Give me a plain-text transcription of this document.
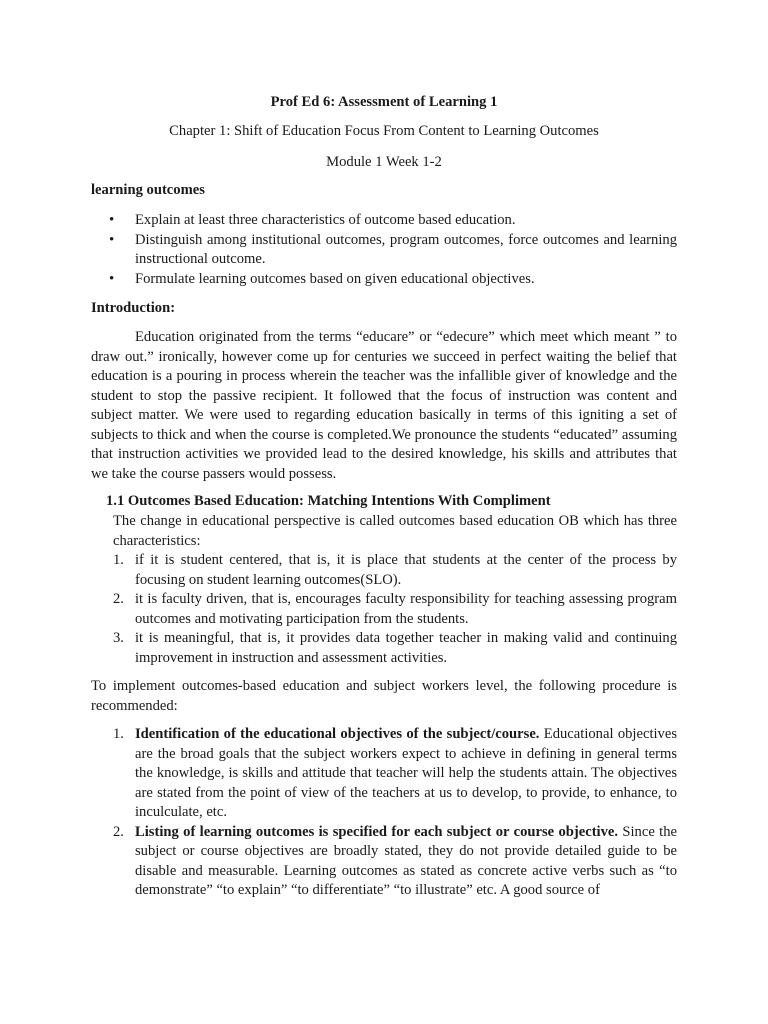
Prof Ed 6: Assessment of Learning 1
Chapter 1: Shift of Education Focus From Content to Learning Outcomes
Module 1 Week 1-2
learning outcomes
• Explain at least three characteristics of outcome based education.
• Distinguish among institutional outcomes, program outcomes, force outcomes and learning instructional outcome.
• Formulate learning outcomes based on given educational objectives.
Introduction:

Education originated from the terms “educare” or “edecure” which meet which meant ” to draw out.” ironically, however come up for centuries we succeed in perfect waiting the belief that education is a pouring in process wherein the teacher was the infallible giver of knowledge and the student to stop the passive recipient. It followed that the focus of instruction was content and subject matter. We were used to regarding education basically in terms of this igniting a set of subjects to thick and when the course is completed.We pronounce the students “educated” assuming that instruction activities we provided lead to the desired knowledge, his skills and attributes that we take the course passers would possess.

1.1 Outcomes Based Education: Matching Intentions With Compliment

The change in educational perspective is called outcomes based education OB which has three characteristics:

1. if it is student centered, that is, it is place that students at the center of the process by focusing on student learning outcomes(SLO).
2. it is faculty driven, that is, encourages faculty responsibility for teaching assessing program outcomes and motivating participation from the students.
3. it is meaningful, that is, it provides data together teacher in making valid and continuing improvement in instruction and assessment activities.

To implement outcomes-based education and subject workers level, the following procedure is recommended:

1. Identification of the educational objectives of the subject/course. Educational objectives are the broad goals that the subject workers expect to achieve in defining in general terms the knowledge, is skills and attitude that teacher will help the students attain. The objectives are stated from the point of view of the teachers at us to develop, to provide, to enhance, to inculculate, etc.
2. Listing of learning outcomes is specified for each subject or course objective. Since the subject or course objectives are broadly stated, they do not provide detailed guide to be disable and measurable. Learning outcomes as stated as concrete active verbs such as “to demonstrate” “to explain” “to differentiate” “to illustrate” etc. A good source of
